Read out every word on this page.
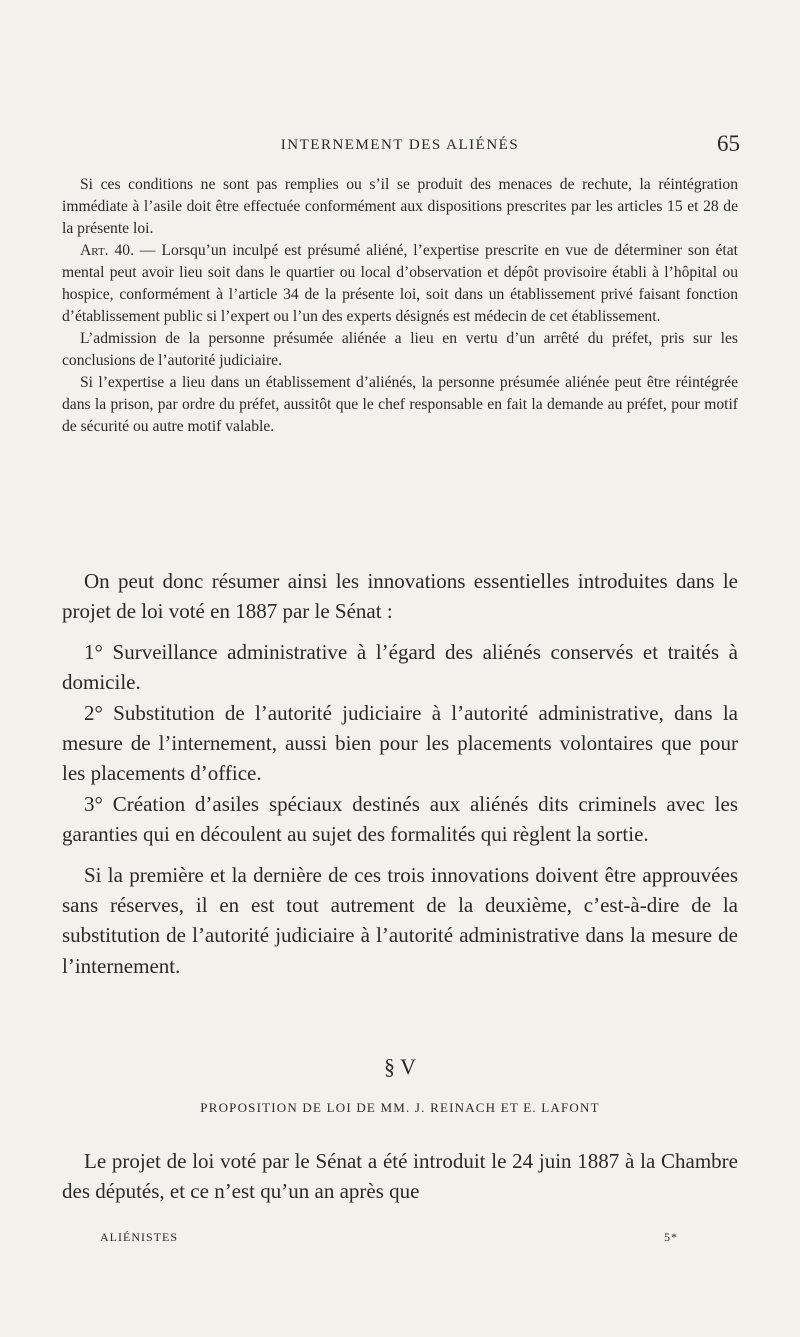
INTERNEMENT DES ALIÉNÉS	65

Si ces conditions ne sont pas remplies ou s’il se produit des menaces de rechute, la réintégration immédiate à l’asile doit être effectuée conformément aux dispositions prescrites par les articles 15 et 28 de la présente loi.

Art. 40. — Lorsqu’un inculpé est présumé aliéné, l’expertise prescrite en vue de déterminer son état mental peut avoir lieu soit dans le quartier ou local d’observation et dépôt provisoire établi à l’hôpital ou hospice, conformément à l’article 34 de la présente loi, soit dans un établissement privé faisant fonction d’établissement public si l’expert ou l’un des experts désignés est médecin de cet établissement.

L’admission de la personne présumée aliénée a lieu en vertu d’un arrêté du préfet, pris sur les conclusions de l’autorité judiciaire.

Si l’expertise a lieu dans un établissement d’aliénés, la personne présumée aliénée peut être réintégrée dans la prison, par ordre du préfet, aussitôt que le chef responsable en fait la demande au préfet, pour motif de sécurité ou autre motif valable.

On peut donc résumer ainsi les innovations essentielles introduites dans le projet de loi voté en 1887 par le Sénat :

1° Surveillance administrative à l’égard des aliénés conservés et traités à domicile.

2° Substitution de l’autorité judiciaire à l’autorité administrative, dans la mesure de l’internement, aussi bien pour les placements volontaires que pour les placements d’office.

3° Création d’asiles spéciaux destinés aux aliénés dits criminels avec les garanties qui en découlent au sujet des formalités qui règlent la sortie.

Si la première et la dernière de ces trois innovations doivent être approuvées sans réserves, il en est tout autrement de la deuxième, c’est-à-dire de la substitution de l’autorité judiciaire à l’autorité administrative dans la mesure de l’internement.

§ V
PROPOSITION DE LOI DE MM. J. REINACH ET E. LAFONT

Le projet de loi voté par le Sénat a été introduit le 24 juin 1887 à la Chambre des députés, et ce n’est qu’un an après que

ALIÉNISTES	5*
